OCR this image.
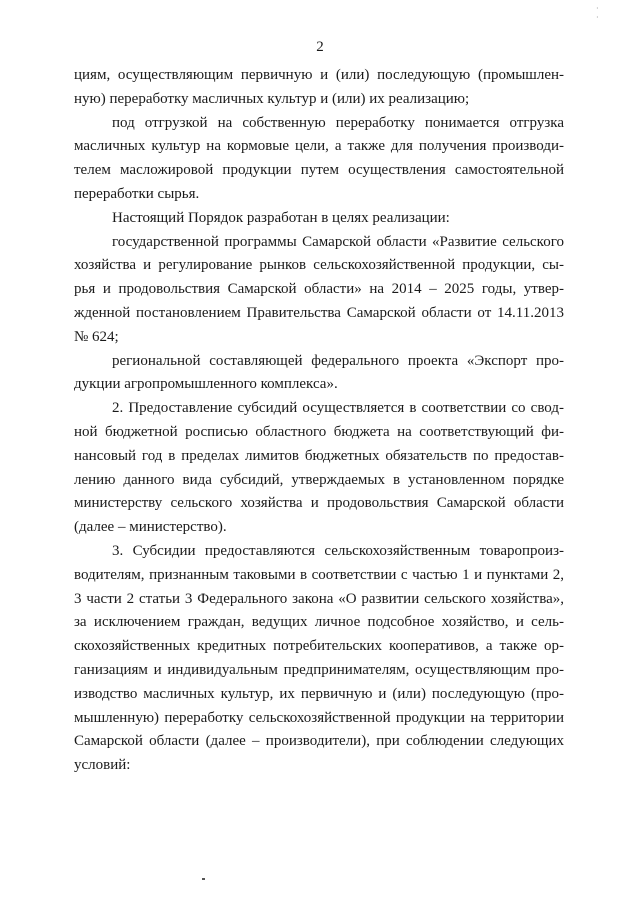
· ·
2
циям, осуществляющим первичную и (или) последующую (промышлен-
ную) переработку масличных культур и (или) их реализацию;
под отгрузкой на собственную переработку понимается отгрузка
масличных культур на кормовые цели, а также для получения производи-
телем масложировой продукции путем осуществления самостоятельной
переработки сырья.
Настоящий Порядок разработан в целях реализации:
государственной программы Самарской области «Развитие сельского
хозяйства и регулирование рынков сельскохозяйственной продукции, сы-
рья и продовольствия Самарской области» на 2014 – 2025 годы, утвер-
жденной постановлением Правительства Самарской области от 14.11.2013
№ 624;
региональной составляющей федерального проекта «Экспорт про-
дукции агропромышленного комплекса».
2. Предоставление субсидий осуществляется в соответствии со свод-
ной бюджетной росписью областного бюджета на соответствующий фи-
нансовый год в пределах лимитов бюджетных обязательств по предостав-
лению данного вида субсидий, утверждаемых в установленном порядке
министерству сельского хозяйства и продовольствия Самарской области
(далее – министерство).
3. Субсидии предоставляются сельскохозяйственным товаропроиз-
водителям, признанным таковыми в соответствии с частью 1 и пунктами 2,
3 части 2 статьи 3 Федерального закона «О развитии сельского хозяйства»,
за исключением граждан, ведущих личное подсобное хозяйство, и сель-
скохозяйственных кредитных потребительских кооперативов, а также ор-
ганизациям и индивидуальным предпринимателям, осуществляющим про-
изводство масличных культур, их первичную и (или) последующую (про-
мышленную) переработку сельскохозяйственной продукции на территории
Самарской области (далее – производители), при соблюдении следующих
условий:
